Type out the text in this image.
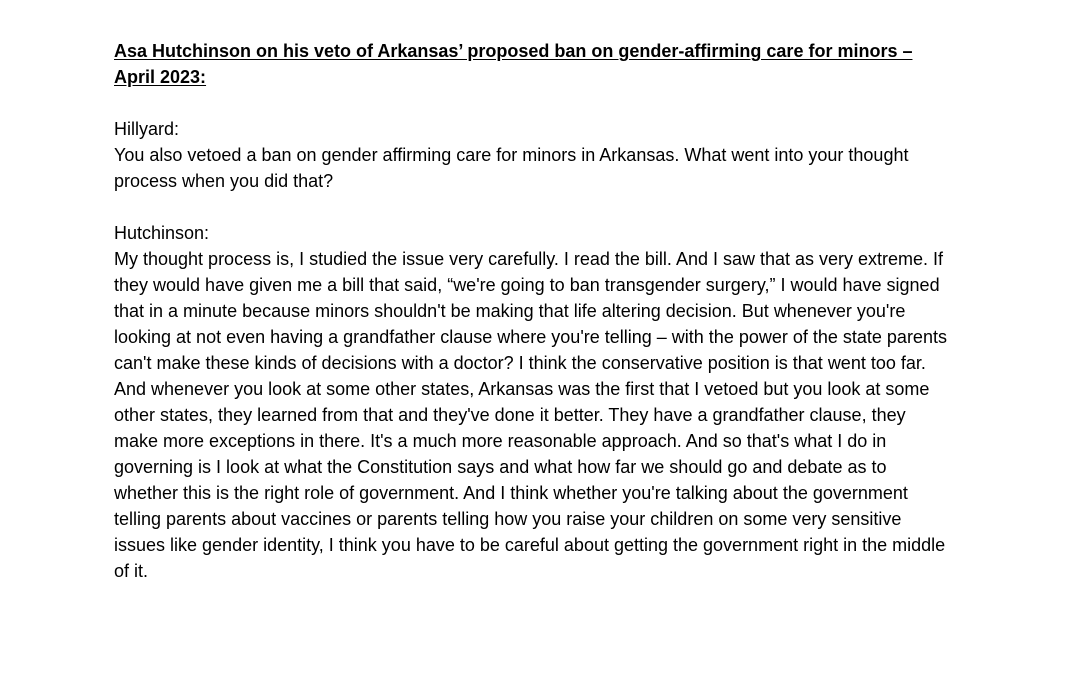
Asa Hutchinson on his veto of Arkansas’ proposed ban on gender-affirming care for minors – April 2023:

Hillyard:
You also vetoed a ban on gender affirming care for minors in Arkansas. What went into your thought process when you did that?
Hutchinson:
My thought process is, I studied the issue very carefully. I read the bill. And I saw that as very extreme. If they would have given me a bill that said, “we're going to ban transgender surgery,” I would have signed that in a minute because minors shouldn't be making that life altering decision. But whenever you're looking at not even having a grandfather clause where you're telling – with the power of the state parents can't make these kinds of decisions with a doctor? I think the conservative position is that went too far. And whenever you look at some other states, Arkansas was the first that I vetoed but you look at some other states, they learned from that and they've done it better. They have a grandfather clause, they make more exceptions in there. It's a much more reasonable approach. And so that's what I do in governing is I look at what the Constitution says and what how far we should go and debate as to whether this is the right role of government. And I think whether you're talking about the government telling parents about vaccines or parents telling how you raise your children on some very sensitive issues like gender identity, I think you have to be careful about getting the government right in the middle of it.
